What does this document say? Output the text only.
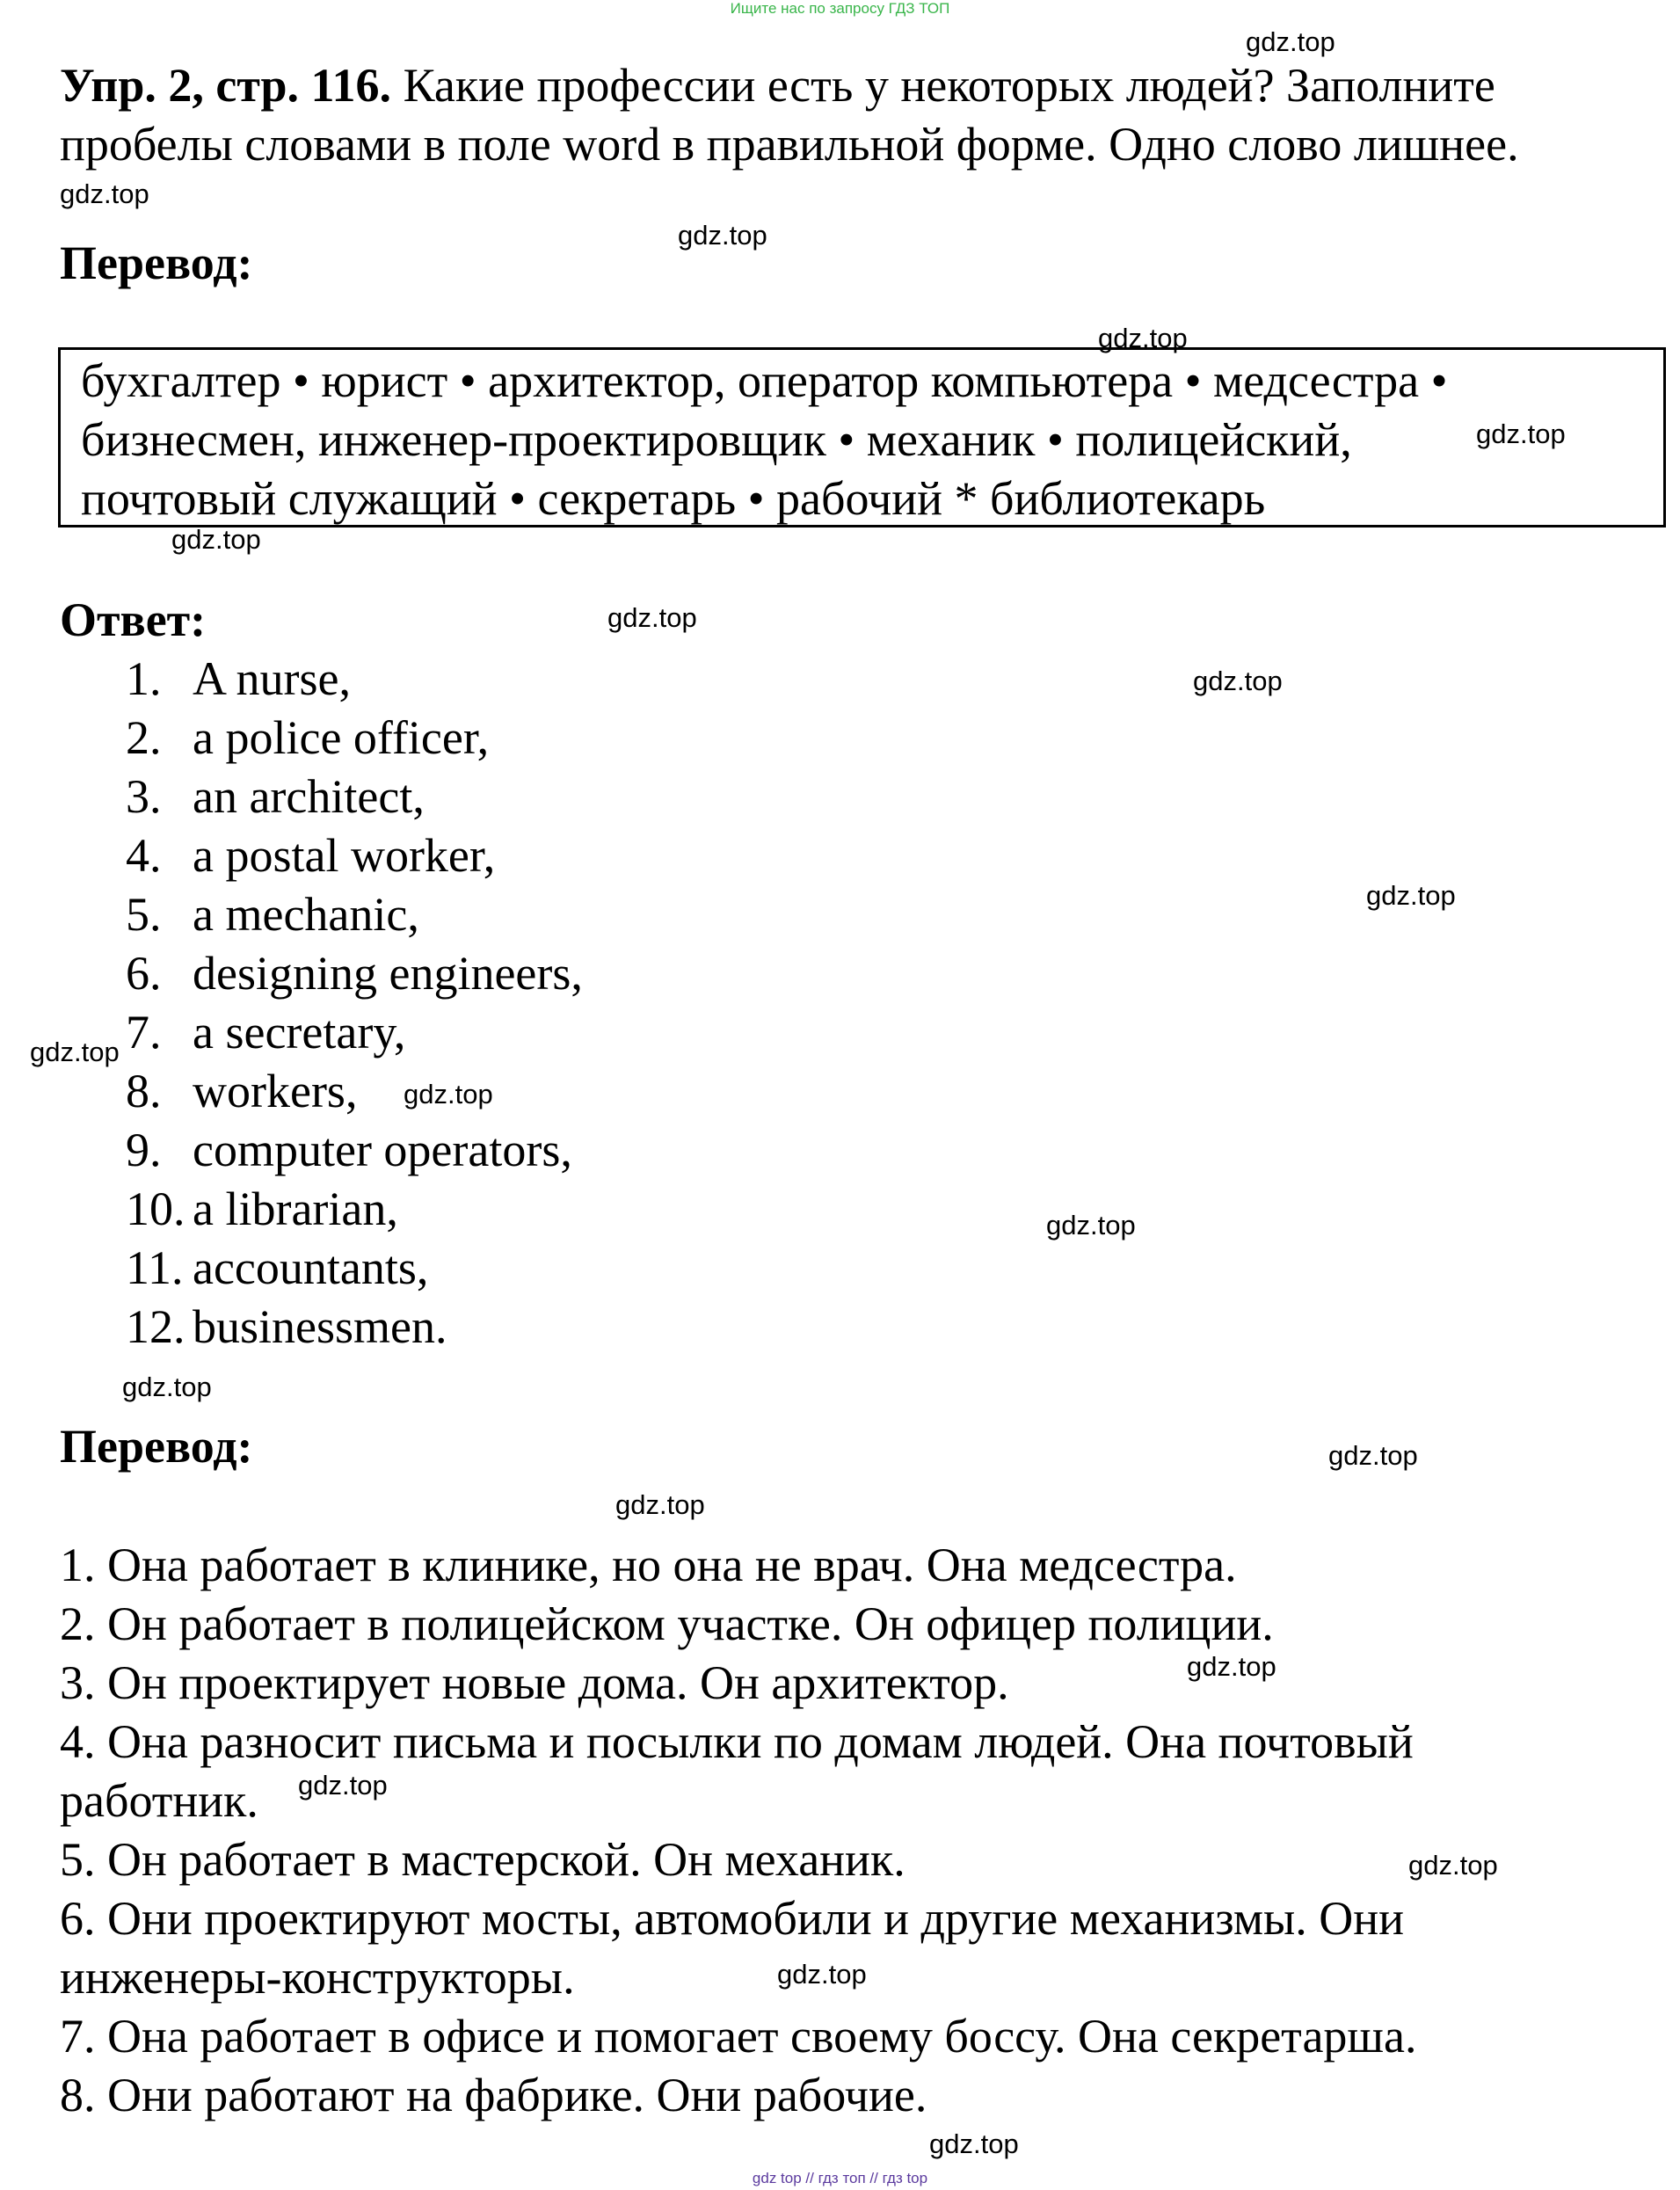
Ищите нас по запросу ГДЗ ТОП
Упр. 2, стр. 116. Какие профессии есть у некоторых людей? Заполните
пробелы словами в поле word в правильной форме. Одно слово лишнее.
Перевод:
бухгалтер • юрист • архитектор, оператор компьютера • медсестра •
бизнесмен, инженер-проектировщик • механик • полицейский,
почтовый служащий • секретарь • рабочий * библиотекарь
Ответ:
1. A nurse,
2. a police officer,
3. an architect,
4. a postal worker,
5. a mechanic,
6. designing engineers,
7. a secretary,
8. workers,
9. computer operators,
10. a librarian,
11. accountants,
12. businessmen.
Перевод:
1. Она работает в клинике, но она не врач. Она медсестра.
2. Он работает в полицейском участке. Он офицер полиции.
3. Он проектирует новые дома. Он архитектор.
4. Она разносит письма и посылки по домам людей. Она почтовый
работник.
5. Он работает в мастерской. Он механик.
6. Они проектируют мосты, автомобили и другие механизмы. Они
инженеры-конструкторы.
7. Она работает в офисе и помогает своему боссу. Она секретарша.
8. Они работают на фабрике. Они рабочие.
gdz.top
gdz.top
gdz.top
gdz.top
gdz.top
gdz.top
gdz.top
gdz.top
gdz.top
gdz.top
gdz.top
gdz.top
gdz.top
gdz.top
gdz.top
gdz.top
gdz.top
gdz.top
gdz.top
gdz.top
gdz top // гдз топ // гдз top
